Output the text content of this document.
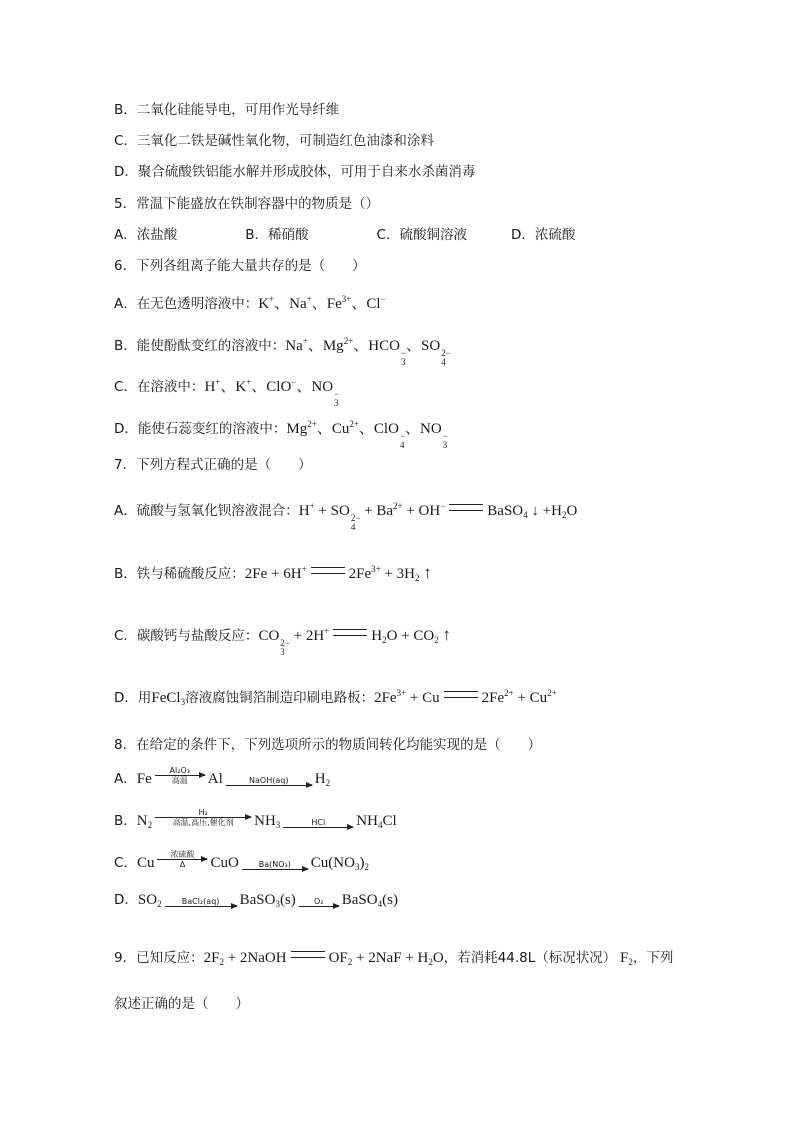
B．二氧化硅能导电，可用作光导纤维
C．三氧化二铁是碱性氧化物，可制造红色油漆和涂料
D．聚合硫酸铁铝能水解并形成胶体，可用于自来水杀菌消毒
5．常温下能盛放在铁制容器中的物质是（）
A．浓盐酸	B．稀硝酸	C．硫酸铜溶液	D．浓硫酸
6．下列各组离子能大量共存的是（　　）
A．在无色透明溶液中：K+、Na+、$Fe^{3+}$、Cl−
B．能使酚酞变红的溶液中：Na+、$Mg^{2+}$、HCO −
3
、SO 2−
4
C．在溶液中：H+、K+、ClO−、NO −
3
D．能使石蕊变红的溶液中：$Mg^{2+}$、$Cu^{2+}$、ClO −
4
、NO −
3
7．下列方程式正确的是（　　）
A．硫酸与氢氧化钡溶液混合：H+ + SO 2−
4
+ $Ba^{2+} + OH^-$	BaSO$_4$ ↓ $+H_2O$
B．铁与稀硫酸反应：2Fe + 6H+	$2Fe^{3+} + 3H_2$ ↑
C．碳酸钙与盐酸反应：CO 2−
3
+ 2H+	$H_2O + CO_2$ ↑
D．用FeCl$_3$溶液腐蚀铜箔制造印刷电路板：$2Fe^{3+} + Cu$	$2Fe^{2+} + Cu^{2+}$
8．在给定的条件下，下列选项所示的物质间转化均能实现的是（　　）
A．Fe
Al₂O₃
高温	Al	NaOH(aq)	$H_2$
B．$N_2$
H₂
高温,高压,催化剂	$NH_3$	HCl	$NH_4Cl$
C．Cu
浓硫酸
Δ	CuO	Ba(NO₃)	$Cu(NO_3)_2$
D．$SO_2$	BaCl₂(aq)	BaSO$_3$(s)	O₂	BaSO$_4$(s)
9．已知反应：$2F_2$ + 2NaOH	$OF_2 + 2NaF + H_2O$，若消耗44.8L（标况状况） $F_2$，下列
叙述正确的是（　　）
